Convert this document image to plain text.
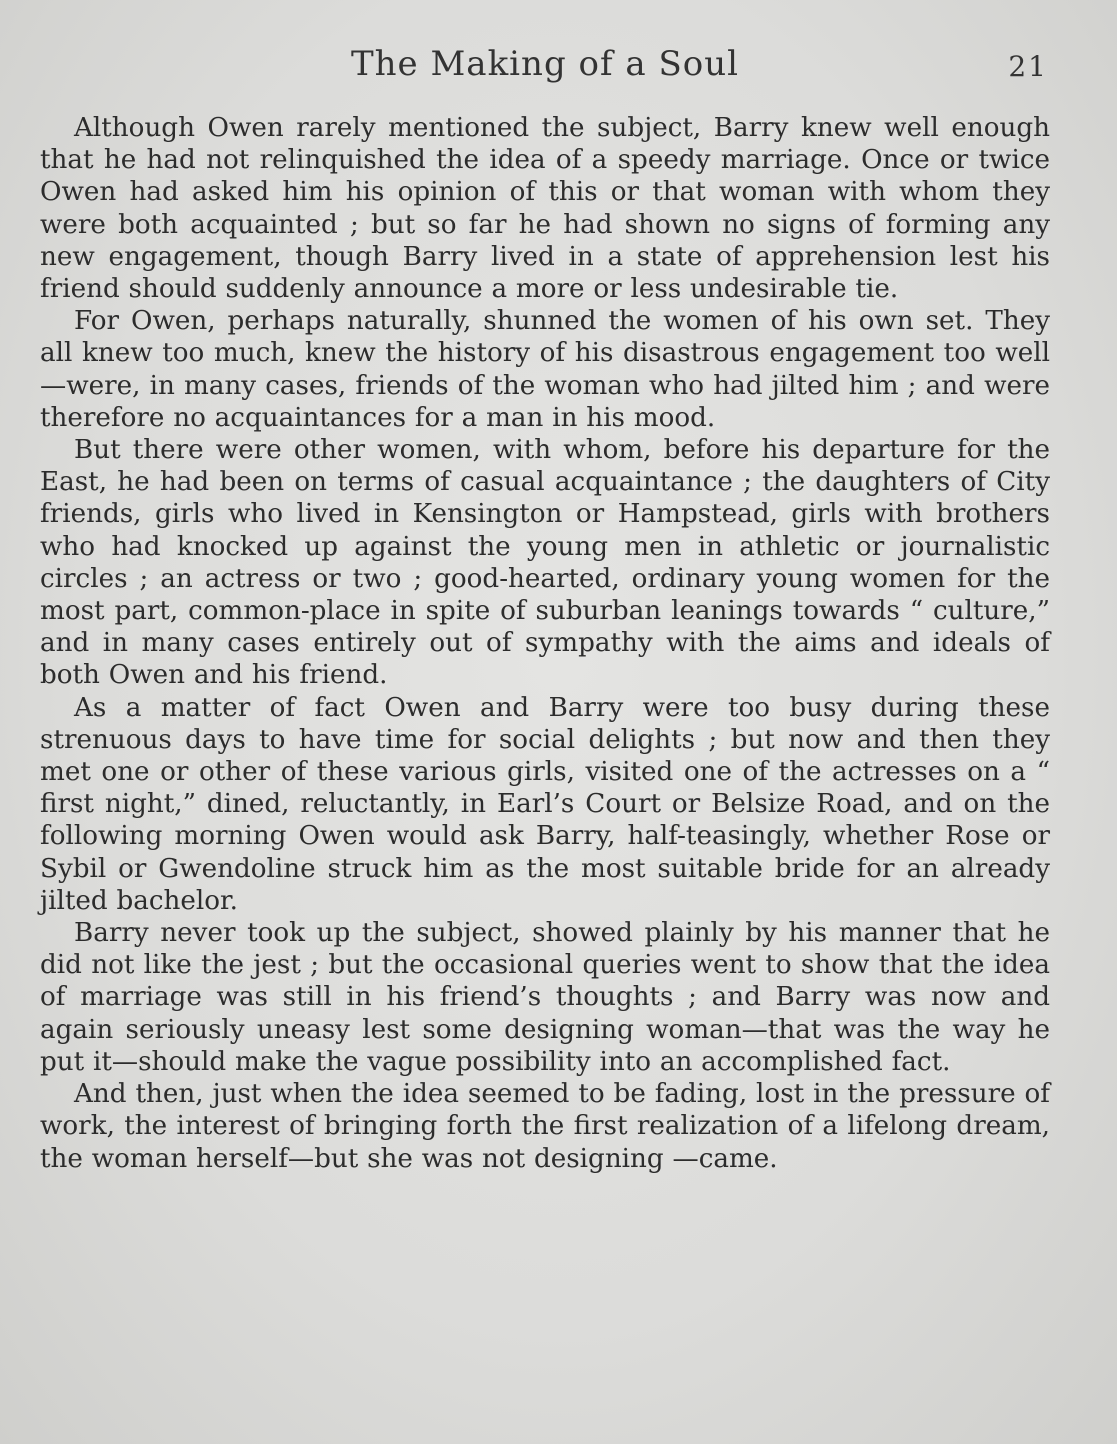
The Making of a Soul	21

Although Owen rarely mentioned the subject, Barry knew well enough that he had not relinquished the idea of a speedy marriage. Once or twice Owen had asked him his opinion of this or that woman with whom they were both acquainted ; but so far he had shown no signs of forming any new engagement, though Barry lived in a state of apprehension lest his friend should suddenly announce a more or less undesirable tie.

For Owen, perhaps naturally, shunned the women of his own set. They all knew too much, knew the history of his disastrous engagement too well—were, in many cases, friends of the woman who had jilted him ; and were therefore no acquaintances for a man in his mood.

But there were other women, with whom, before his departure for the East, he had been on terms of casual acquaintance ; the daughters of City friends, girls who lived in Kensington or Hampstead, girls with brothers who had knocked up against the young men in athletic or journalistic circles ; an actress or two ; good-hearted, ordinary young women for the most part, common-place in spite of suburban leanings towards “ culture,” and in many cases entirely out of sympathy with the aims and ideals of both Owen and his friend.

As a matter of fact Owen and Barry were too busy during these strenuous days to have time for social delights ; but now and then they met one or other of these various girls, visited one of the actresses on a “ first night,” dined, reluctantly, in Earl’s Court or Belsize Road, and on the following morning Owen would ask Barry, half-teasingly, whether Rose or Sybil or Gwendoline struck him as the most suitable bride for an already jilted bachelor.

Barry never took up the subject, showed plainly by his manner that he did not like the jest ; but the occasional queries went to show that the idea of marriage was still in his friend’s thoughts ; and Barry was now and again seriously uneasy lest some designing woman—that was the way he put it—should make the vague possibility into an accomplished fact.

And then, just when the idea seemed to be fading, lost in the pressure of work, the interest of bringing forth the first realization of a lifelong dream, the woman herself—but she was not designing —came.
